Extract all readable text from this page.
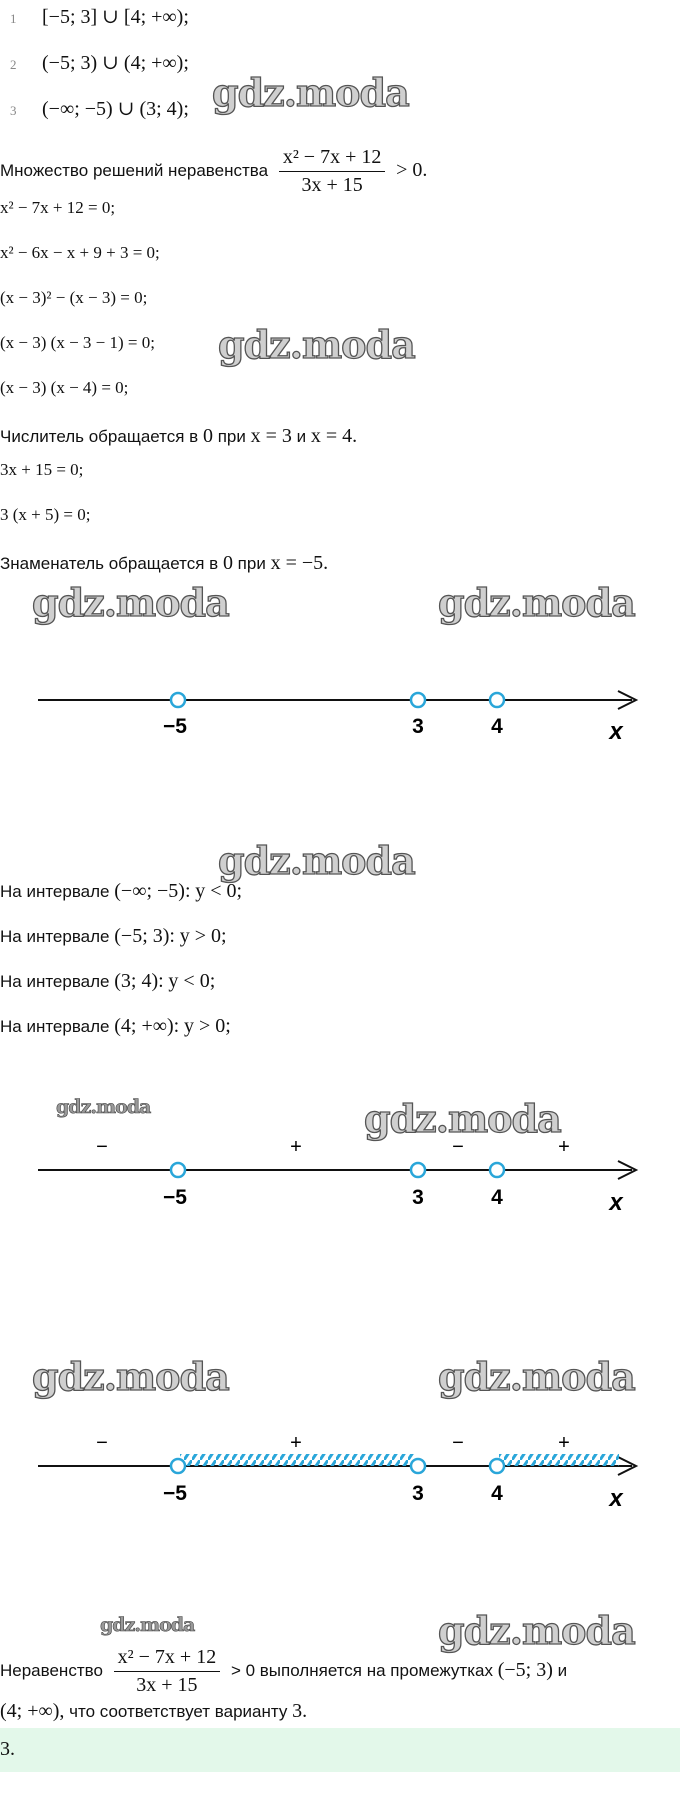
1 [−5; 3] ∪ [4; +∞);
2 (−5; 3) ∪ (4; +∞);
3 (−∞; −5) ∪ (3; 4); gdz.moda
Множество решений неравенства $\frac{\text{x² − 7x + 12}}{3x + 15} > 0$.
x² − 7x + 12 = 0;
x² − 6x − x + 9 + 3 = 0;
(x − 3)² − (x − 3) = 0;
(x − 3) (x − 3 − 1) = 0; gdz.moda
(x − 3) (x − 4) = 0;
Числитель обращается в 0 при x = 3 и x = 4.
3x + 15 = 0;
3 (x + 5) = 0;
Знаменатель обращается в 0 при x = −5.
gdz.moda	gdz.moda
−5	3	4	x
gdz.moda
На интервале (−∞; −5): y < 0;
На интервале (−5; 3): y > 0;
На интервале (3; 4): y < 0;
На интервале (4; +∞): y > 0;
gdz.moda	gdz.moda
−	+	−	+
−5	3	4	x
gdz.moda	gdz.moda
−	+	−	+
−5	3	4	x
gdz.moda	gdz.moda
Неравенство $\frac{\text{x² − 7x + 12}}{3x + 15} > 0$ выполняется на промежутках (−5; 3) и
(4; +∞), что соответствует варианту 3.
3.
